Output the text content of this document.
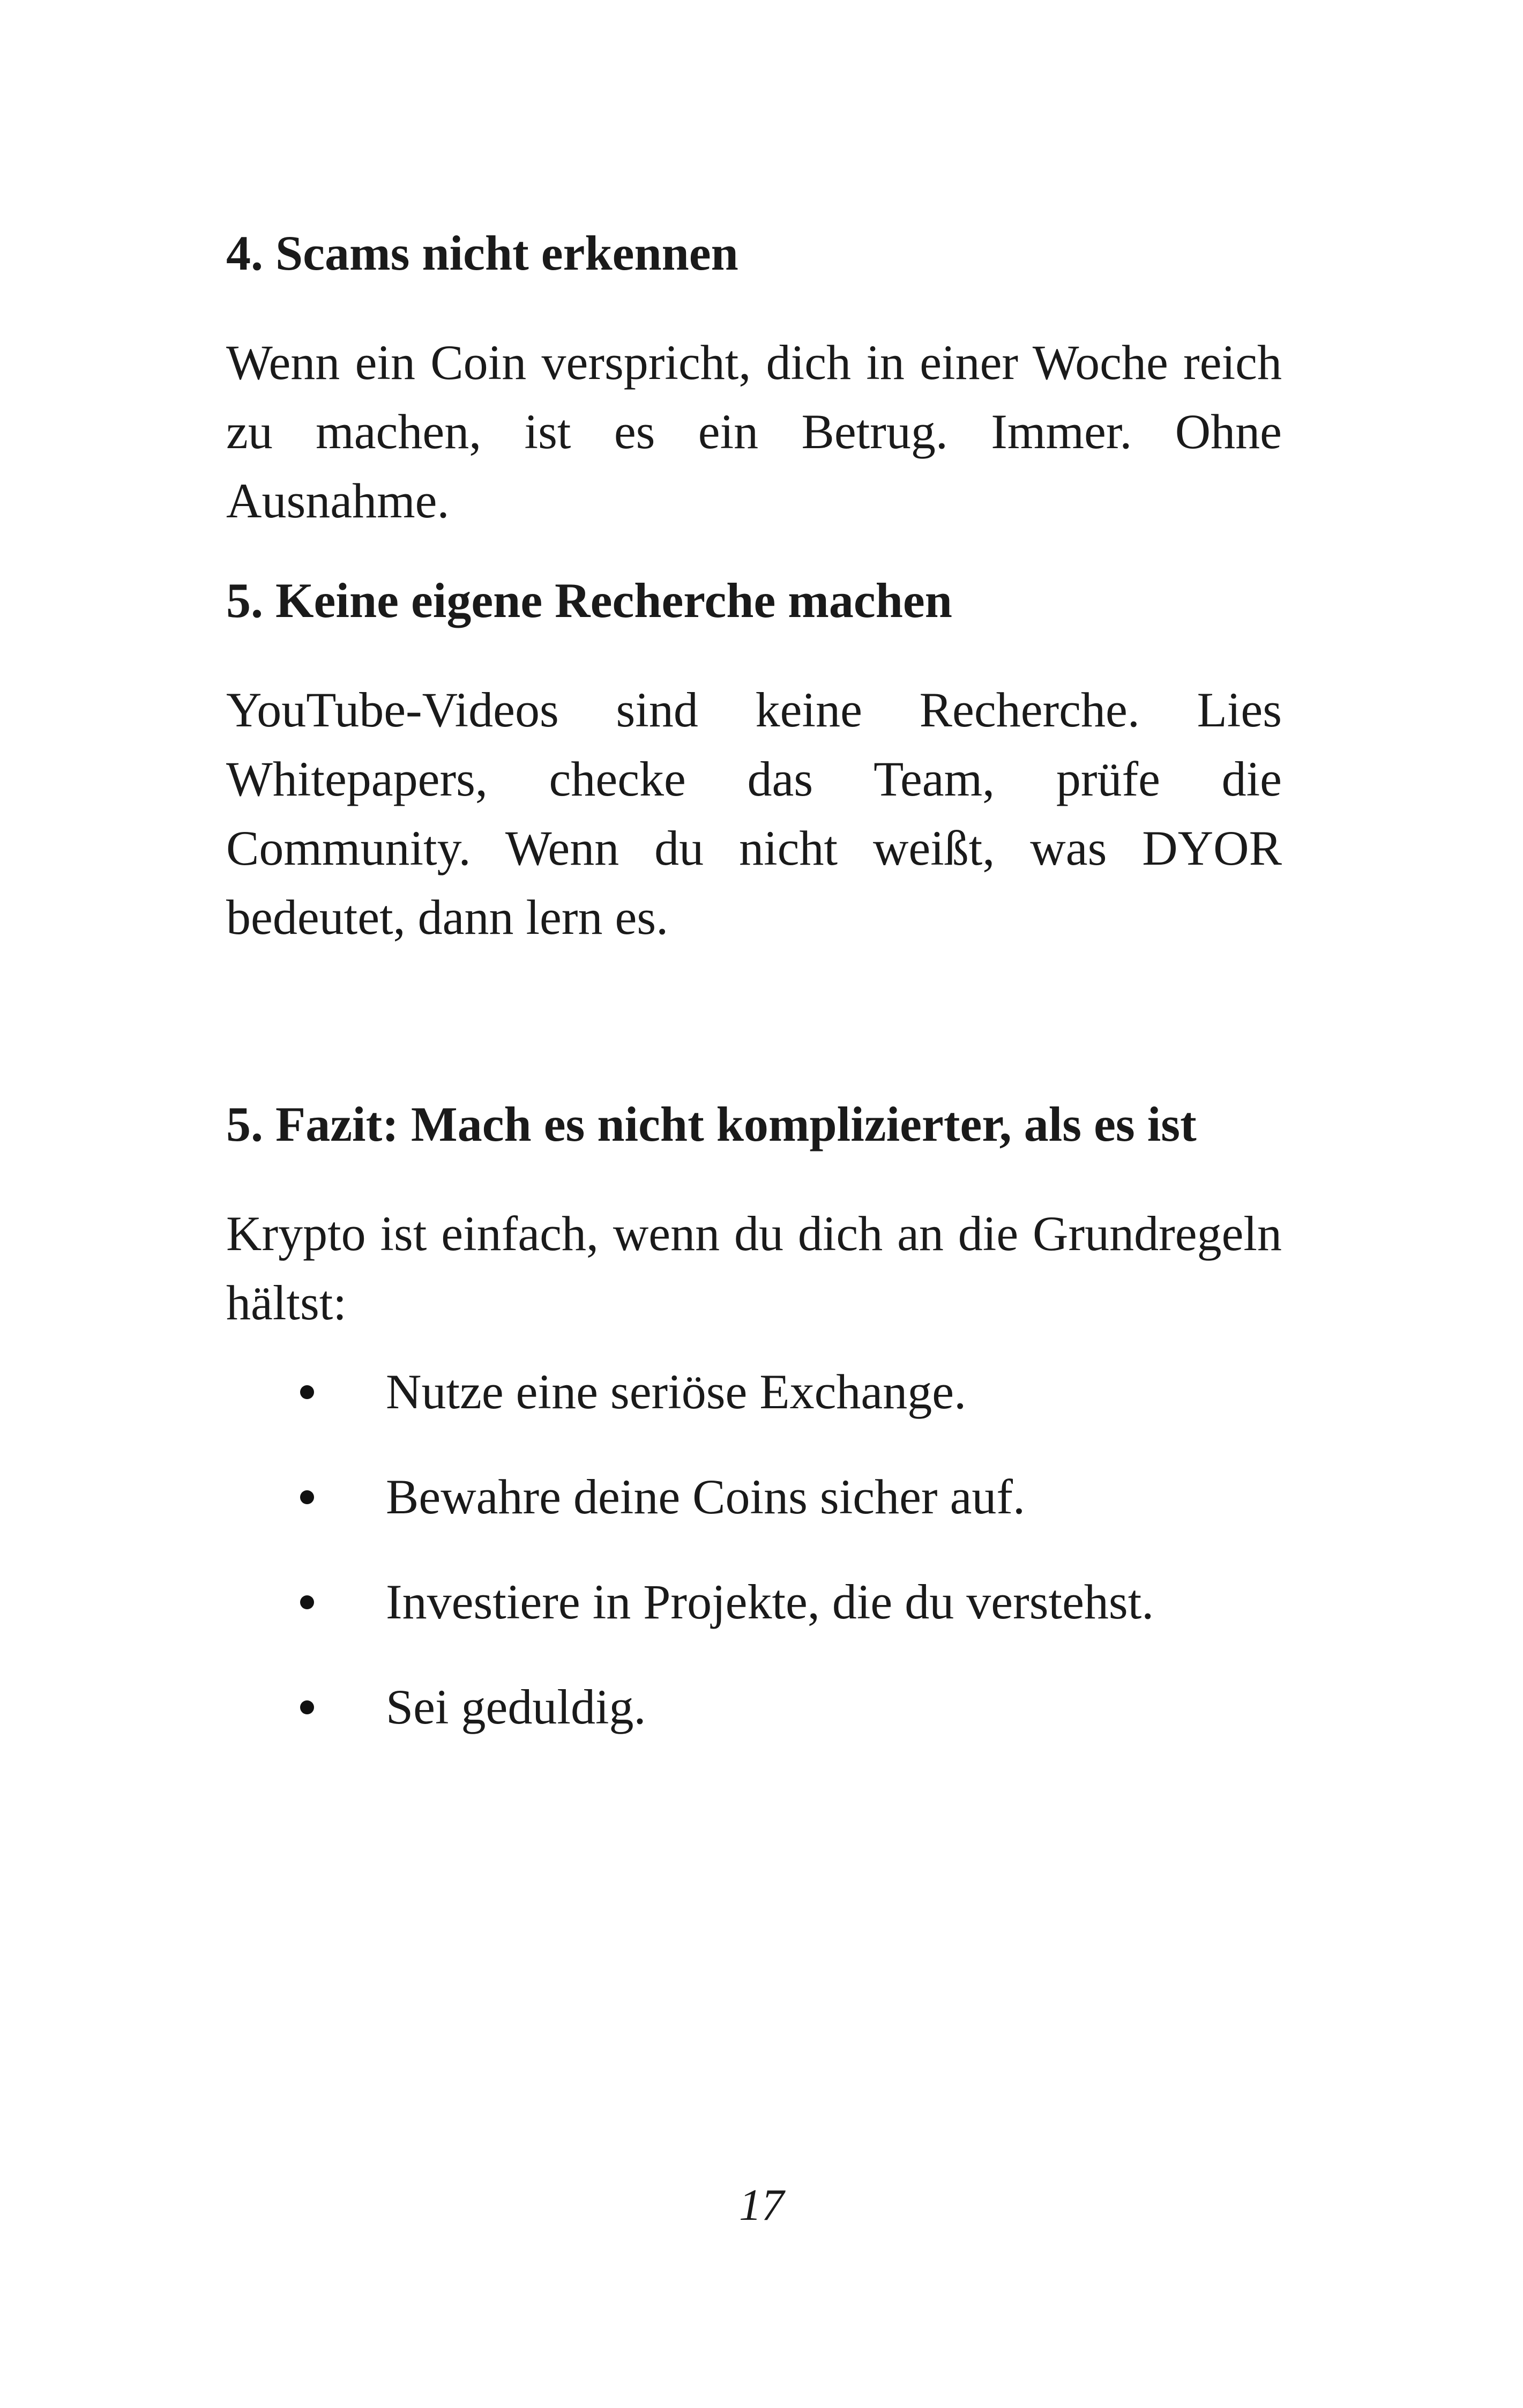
4. Scams nicht erkennen

Wenn ein Coin verspricht, dich in einer Woche reich zu machen, ist es ein Betrug. Immer. Ohne Ausnahme.

5. Keine eigene Recherche machen

YouTube-Videos sind keine Recherche. Lies Whitepapers, checke das Team, prüfe die Community. Wenn du nicht weißt, was DYOR bedeutet, dann lern es.

5. Fazit: Mach es nicht komplizierter, als es ist

Krypto ist einfach, wenn du dich an die Grundregeln hältst:

Nutze eine seriöse Exchange.
Bewahre deine Coins sicher auf.
Investiere in Projekte, die du verstehst.
Sei geduldig.
17
